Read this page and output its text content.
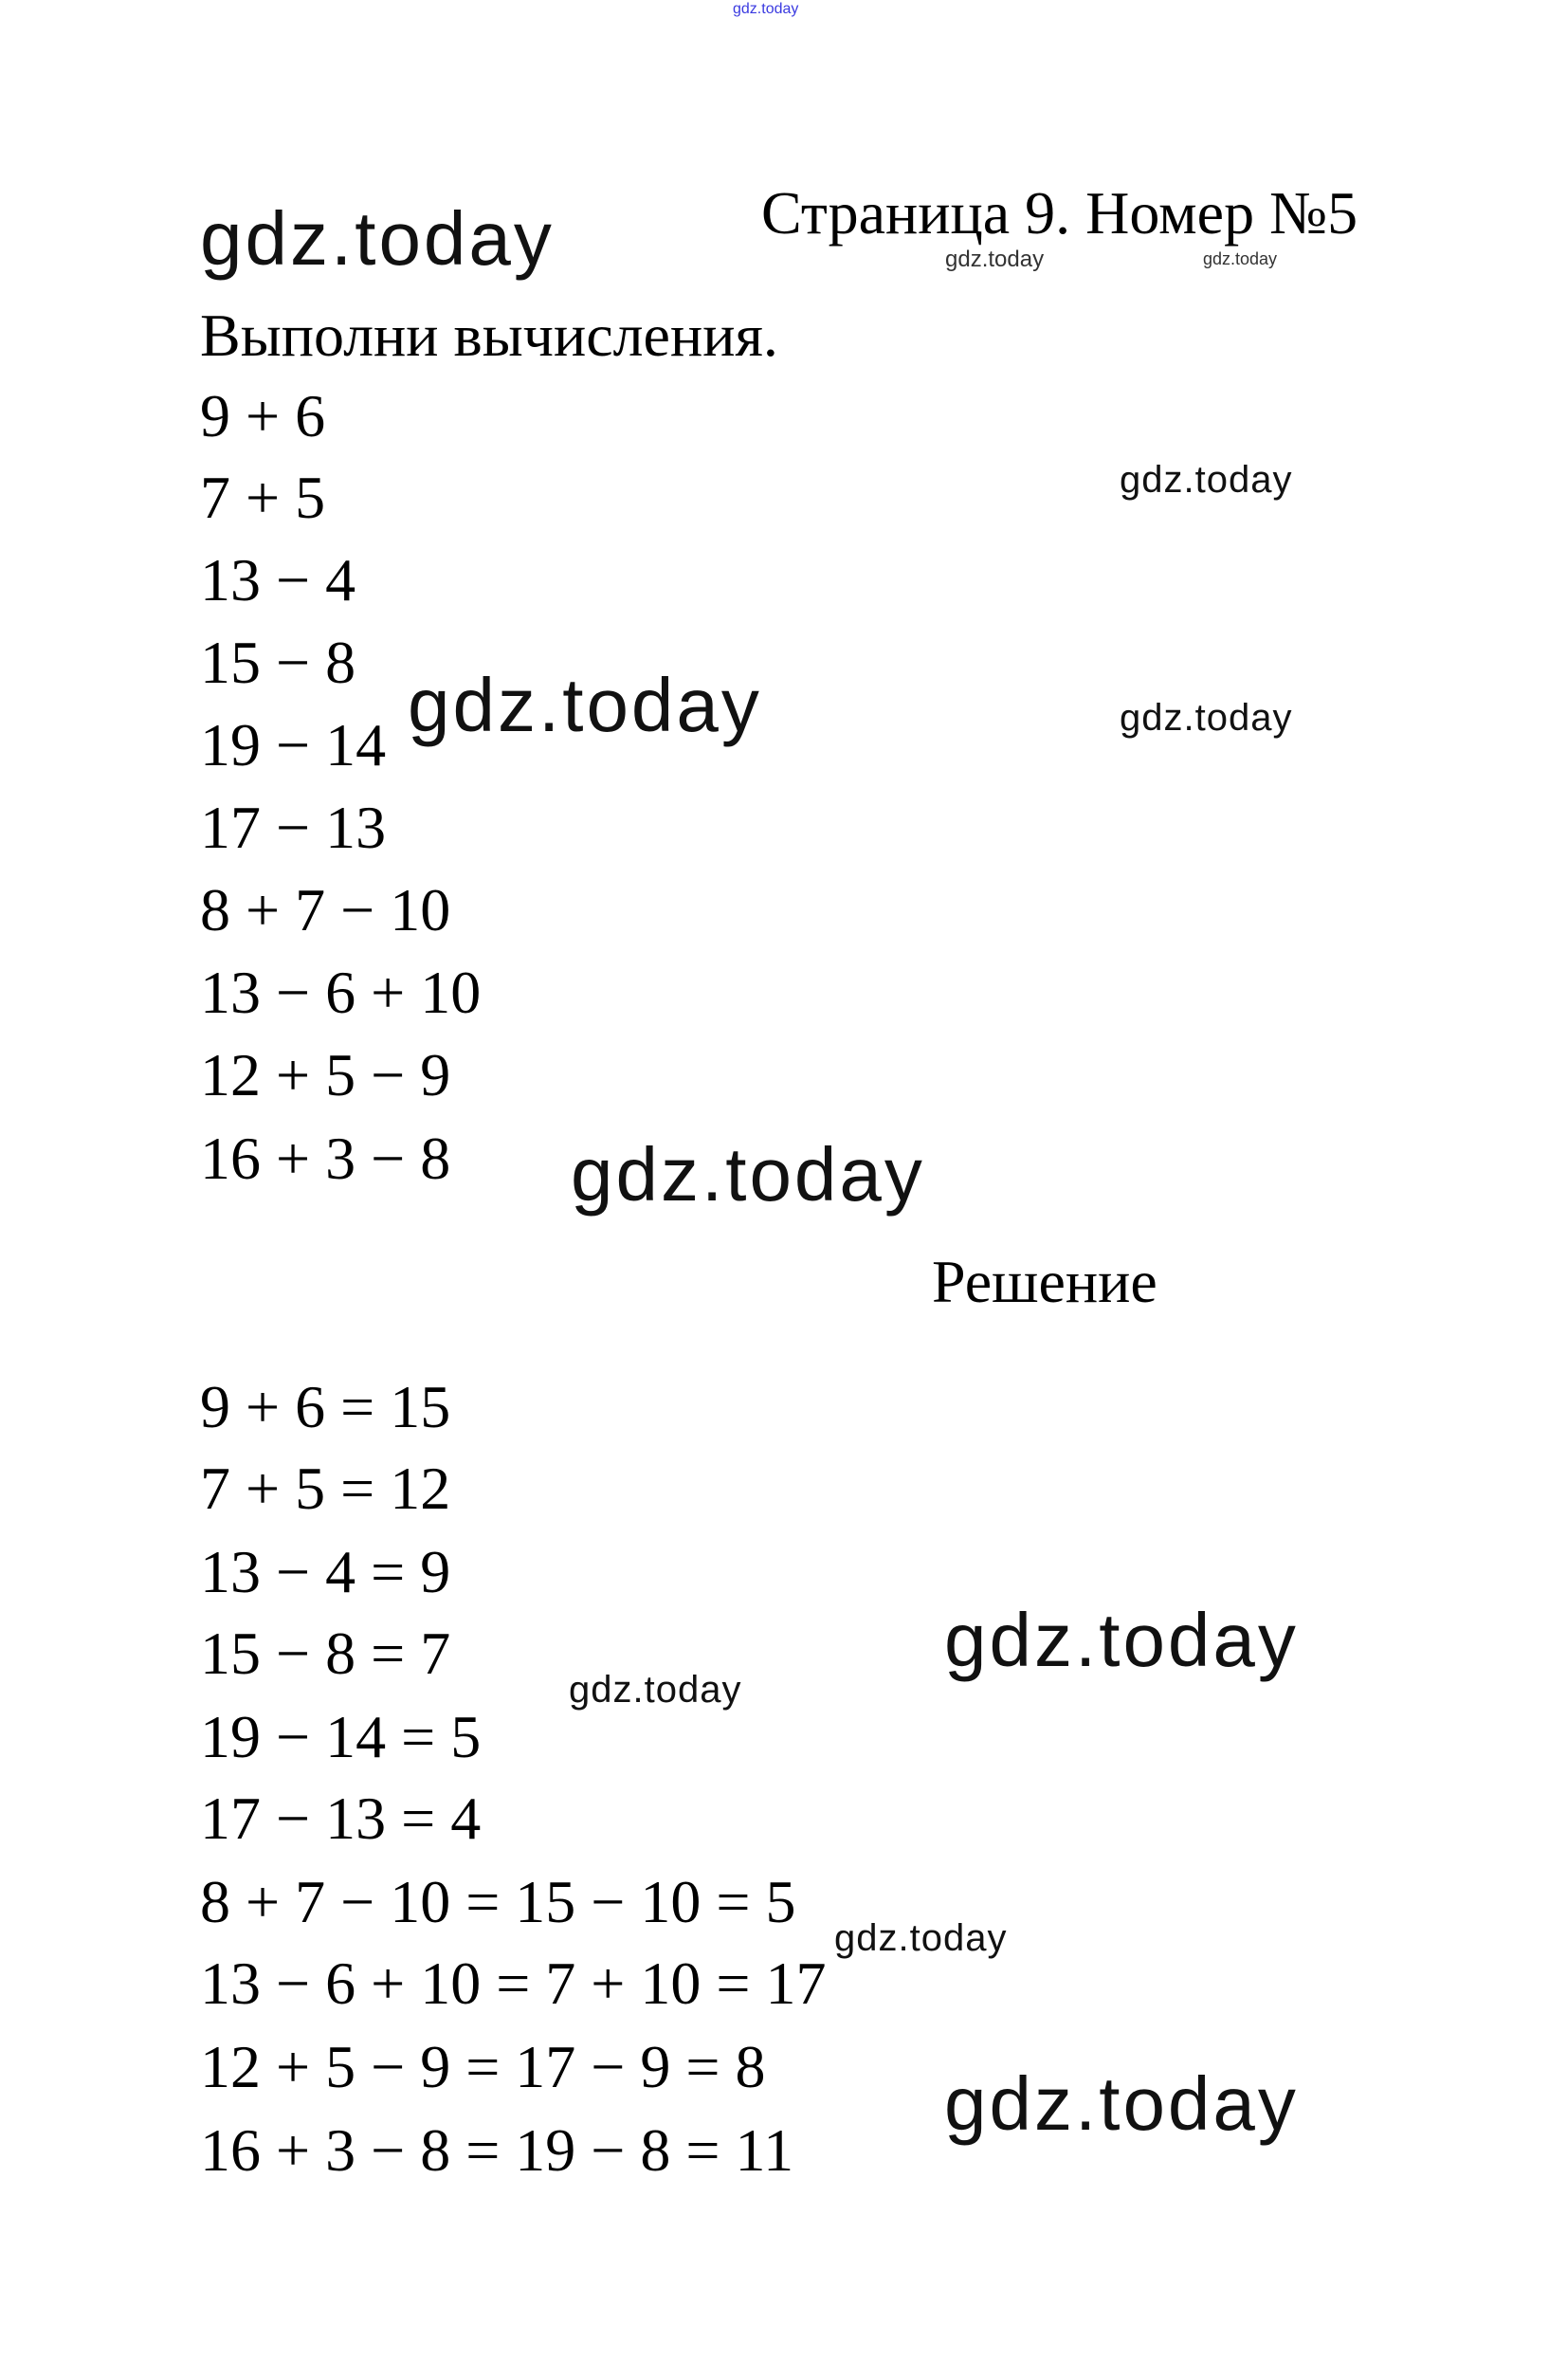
gdz.today
gdz.today	Страница 9. Номер №5
gdz.today	gdz.today
Выполни вычисления.
9 + 6
7 + 5
13 − 4
15 − 8
19 − 14
17 − 13
8 + 7 − 10
13 − 6 + 10
12 + 5 − 9
16 + 3 − 8
gdz.today
gdz.today
gdz.today
gdz.today
Решение
9 + 6 = 15
7 + 5 = 12
13 − 4 = 9
15 − 8 = 7
19 − 14 = 5
17 − 13 = 4
8 + 7 − 10 = 15 − 10 = 5
13 − 6 + 10 = 7 + 10 = 17
12 + 5 − 9 = 17 − 9 = 8
16 + 3 − 8 = 19 − 8 = 11
gdz.today
gdz.today
gdz.today
gdz.today
